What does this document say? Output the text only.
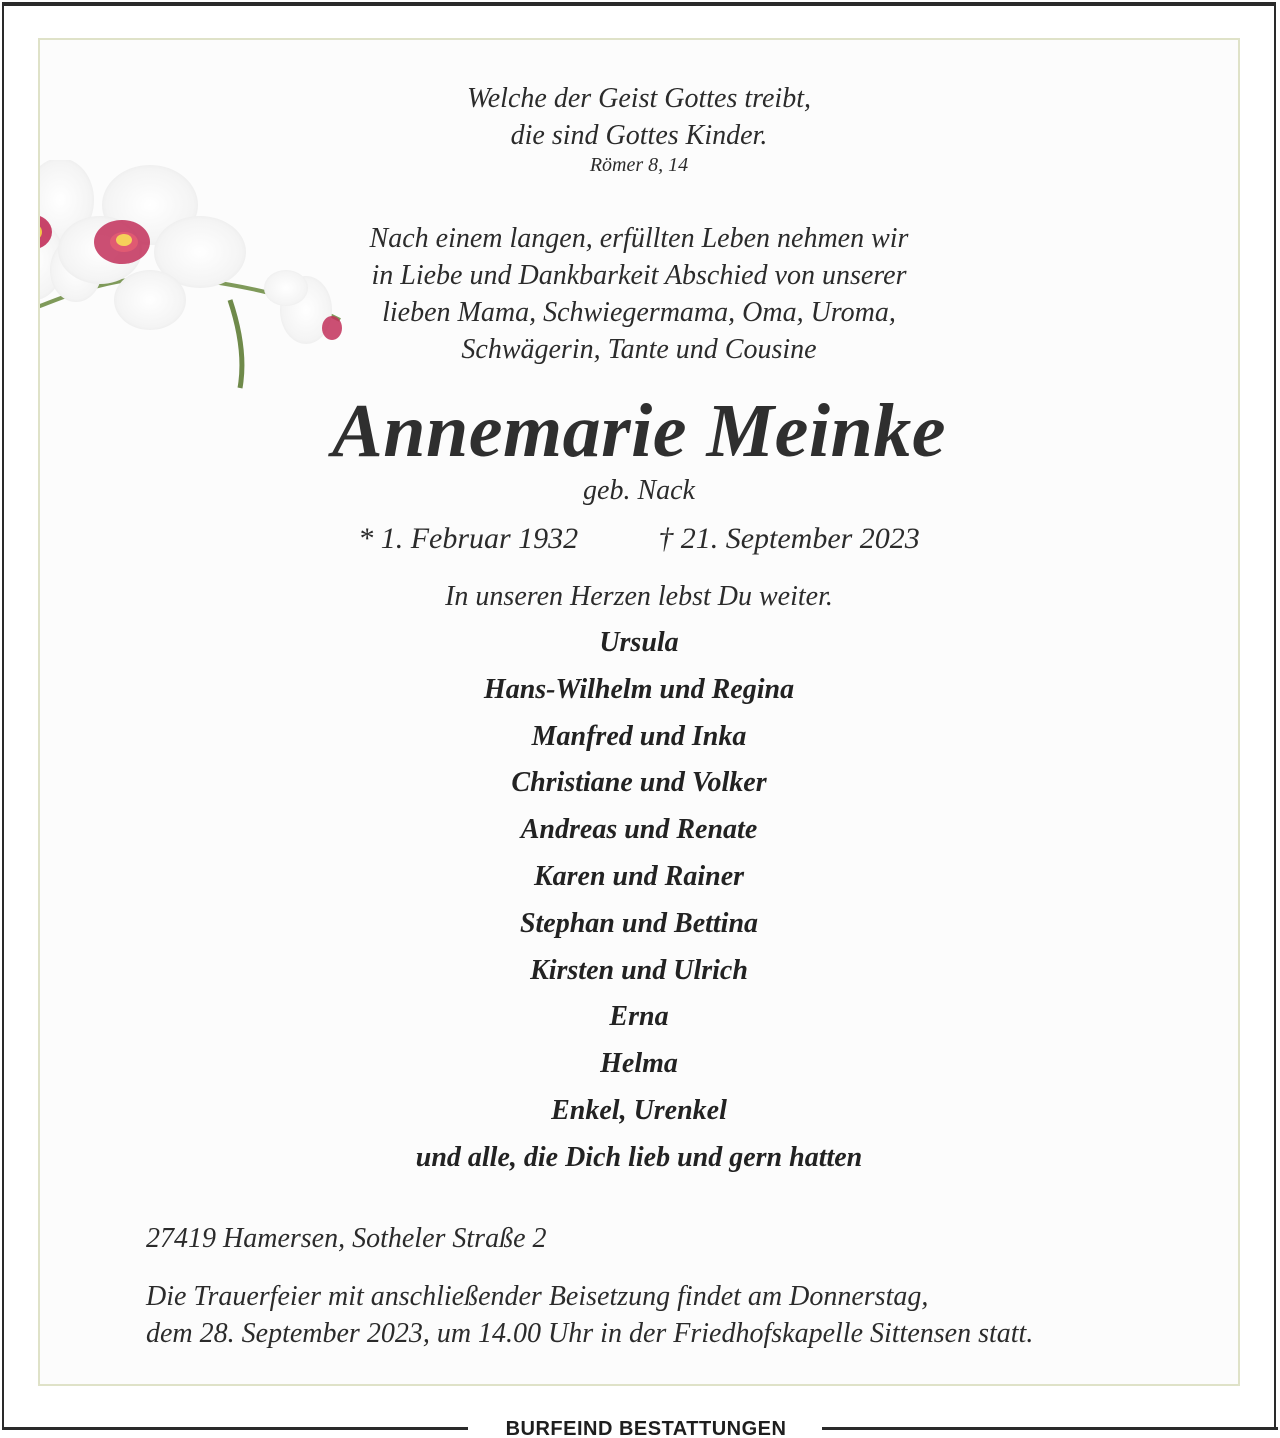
BURFEIND BESTATTUNGEN
Welche der Geist Gottes treibt,
die sind Gottes Kinder.
Römer 8, 14
Nach einem langen, erfüllten Leben nehmen wir
in Liebe und Dankbarkeit Abschied von unserer
lieben Mama, Schwiegermama, Oma, Uroma,
Schwägerin, Tante und Cousine
Annemarie Meinke
geb. Nack
* 1. Februar 1932	† 21. September 2023
In unseren Herzen lebst Du weiter.
Ursula
Hans-Wilhelm und Regina
Manfred und Inka
Christiane und Volker
Andreas und Renate
Karen und Rainer
Stephan und Bettina
Kirsten und Ulrich
Erna
Helma
Enkel, Urenkel
und alle, die Dich lieb und gern hatten
27419 Hamersen, Sotheler Straße 2
Die Trauerfeier mit anschließender Beisetzung findet am Donnerstag,
dem 28. September 2023, um 14.00 Uhr in der Friedhofskapelle Sittensen statt.
